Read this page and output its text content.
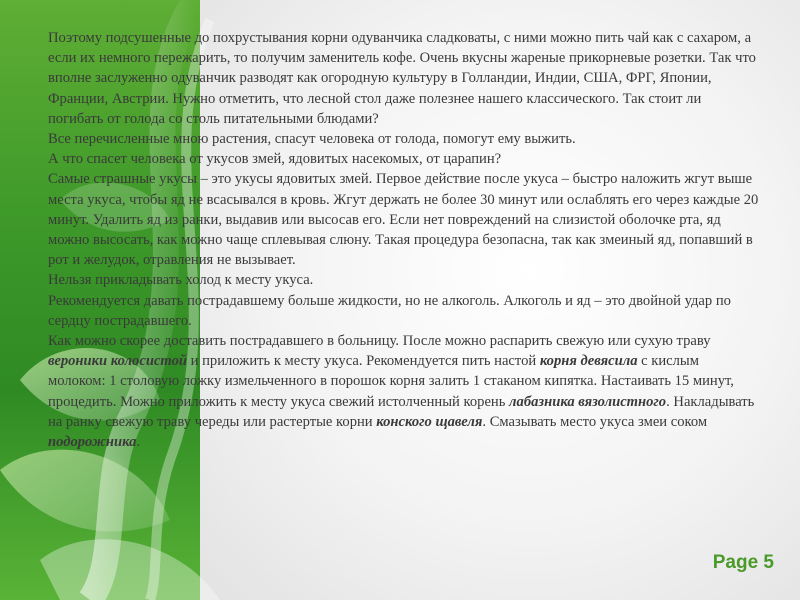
Поэтому подсушенные до похрустывания корни одуванчика сладковаты, с ними можно пить чай как с сахаром, а если их немного пережарить, то получим заменитель кофе. Очень вкусны жареные прикорневые розетки. Так что вполне заслуженно одуванчик разводят как огородную культуру в Голландии, Индии, США, ФРГ, Японии, Франции, Австрии. Нужно отметить, что лесной стол даже полезнее нашего классического. Так стоит ли погибать от голода со столь питательными блюдами?

Все перечисленные мною растения, спасут человека от голода, помогут ему выжить.

А что спасет человека от укусов змей, ядовитых насекомых, от царапин?

Самые страшные укусы – это укусы ядовитых змей. Первое действие после укуса – быстро наложить жгут выше места укуса, чтобы яд не всасывался в кровь. Жгут держать не более 30 минут или ослаблять его через каждые 20 минут. Удалить яд из ранки, выдавив или высосав его. Если нет повреждений на слизистой оболочке рта, яд можно высосать, как можно чаще сплевывая слюну. Такая процедура безопасна, так как змеиный яд, попавший в рот и желудок, отравления не вызывает.

Нельзя прикладывать холод к месту укуса.

Рекомендуется давать пострадавшему больше жидкости, но не алкоголь. Алкоголь и яд – это двойной удар по сердцу пострадавшего.

Как можно скорее доставить пострадавшего в больницу. После можно распарить свежую или сухую траву вероники колосистой и приложить к месту укуса. Рекомендуется пить настой корня девясила с кислым молоком: 1 столовую ложку измельченного в порошок корня залить 1 стаканом кипятка. Настаивать 15 минут, процедить. Можно приложить к месту укуса свежий истолченный корень лабазника вязолистного. Накладывать на ранку свежую траву череды или растертые корни конского щавеля. Смазывать место укуса змеи соком подорожника.

Page 5
